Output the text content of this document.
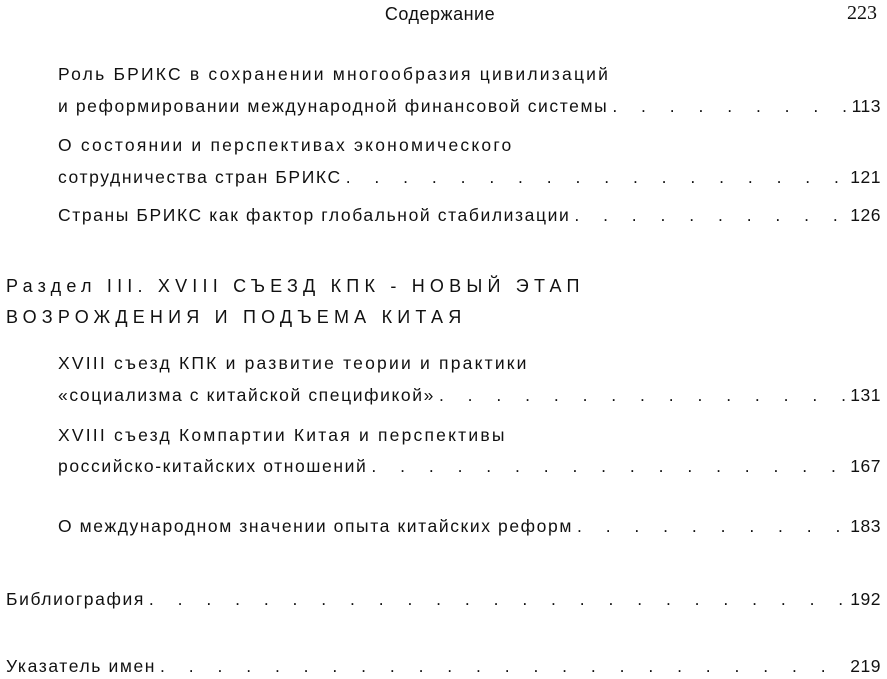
Содержание	223
Роль БРИКС в сохранении многообразия цивилизаций
и реформировании международной финансовой системы . . .	113
О состоянии и перспективах экономического
сотрудничества стран БРИКС . . .	121
Страны БРИКС как фактор глобальной стабилизации . . .	126
Раздел III. XVIII СЪЕЗД КПК - НОВЫЙ ЭТАП
ВОЗРОЖДЕНИЯ И ПОДЪЕМА КИТАЯ
XVIII съезд КПК и развитие теории и практики
«социализма с китайской спецификой» . . .	131
XVIII съезд Компартии Китая и перспективы
российско-китайских отношений . . .	167
О международном значении опыта китайских реформ . . .	183
Библиография . . .	192
Указатель имен . . .	219
